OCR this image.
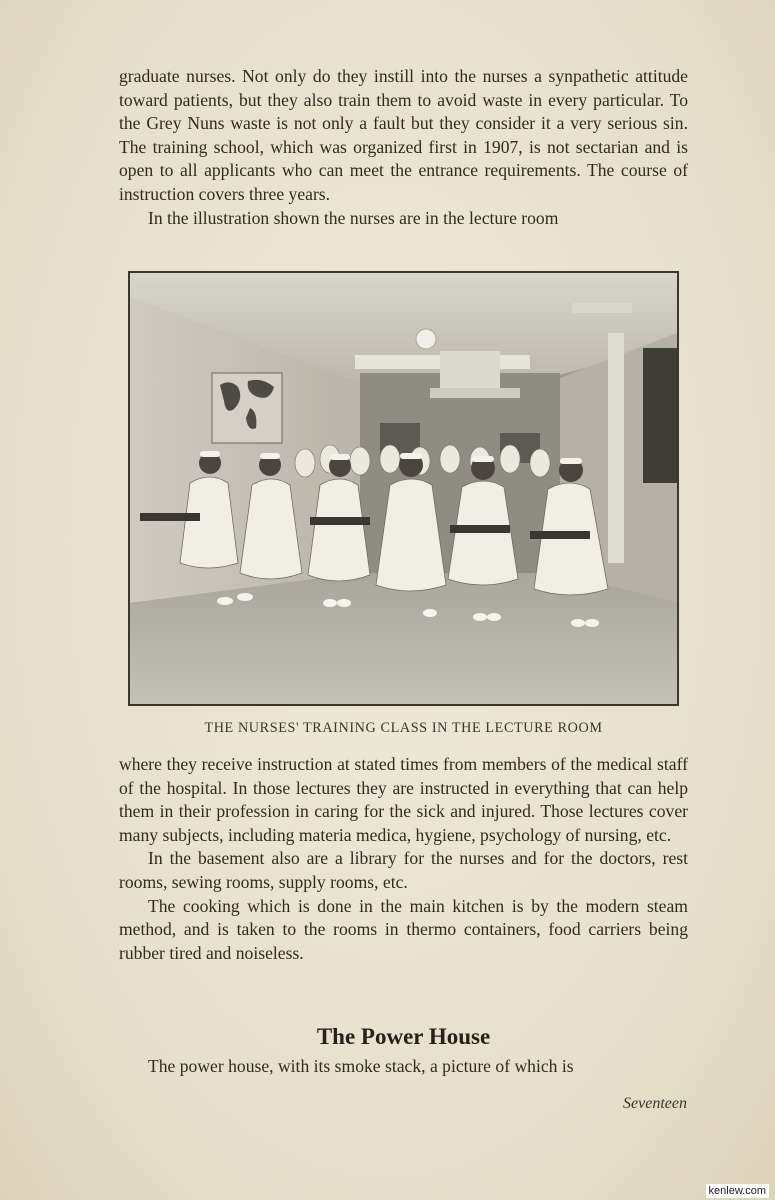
graduate nurses. Not only do they instill into the nurses a synpathetic attitude toward patients, but they also train them to avoid waste in every particular. To the Grey Nuns waste is not only a fault but they consider it a very serious sin. The training school, which was organized first in 1907, is not sectarian and is open to all applicants who can meet the entrance requirements. The course of instruction covers three years.

In the illustration shown the nurses are in the lecture room

THE NURSES' TRAINING CLASS IN THE LECTURE ROOM

where they receive instruction at stated times from members of the medical staff of the hospital. In those lectures they are instructed in everything that can help them in their profession in caring for the sick and injured. Those lectures cover many subjects, including materia medica, hygiene, psychology of nursing, etc.

In the basement also are a library for the nurses and for the doctors, rest rooms, sewing rooms, supply rooms, etc.

The cooking which is done in the main kitchen is by the modern steam method, and is taken to the rooms in thermo containers, food carriers being rubber tired and noiseless.

The Power House

The power house, with its smoke stack, a picture of which is

Seventeen
kenlew.com
